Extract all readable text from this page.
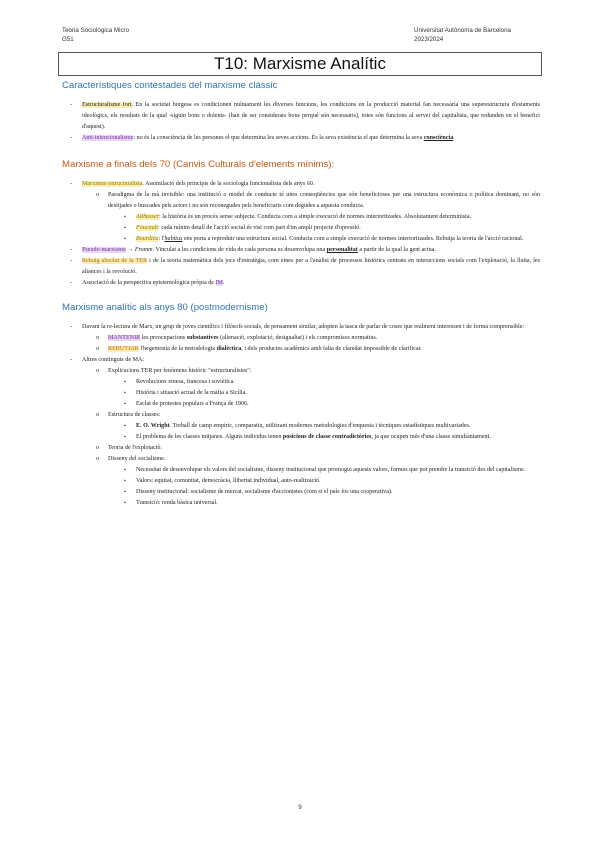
Teoria Sociològica Micro
G51
Universitat Autònoma de Barcelona
2023/2024
T10: Marxisme Analític
Característiques contestades del marxisme clàssic
- Estructuralisme fort. En la societat burgesa es condicionen mútuament les diverses funcions, les condicions en la producció material fan necessària una superestructura d'estaments ideològics, els resultats de la qual -siguin bons o dolents- (han de ser considerats bons perquè són necessaris), totes són funcions al servei del capitalista, que redunden en el benefici d'aquest).
- Anti-intencionalisme: no és la consciència de les persones el que determina les seves accions. És la seva existència el que determina la seva consciència.
Marxisme a finals dels 70 (Canvis Culturals d'elements mínims):
- Marxisme estructuralista. Assimilació dels principis de la sociologia funcionalista dels anys 60.
o Paradigma de la mà invisible: una institució o model de conducte té unes conseqüències que són beneficioses per una estructura econòmica o política dominant, no són desitjades o buscades pels actors i no són reconegudes pels beneficiaris com degudes a aquesta conducta.
▪ Althusser: la història és un procés sense subjecte. Conducta com a simple execució de normes interioritzades. Absolutament determinista.
▪ Foucault: cada mínim detall de l'acció social és vist com part d'un ampli projecte d'opressió.
▪ Bourdieu: l'habitus ens porta a reproduir una estructura social. Conducta com a simple execució de normes interioritzades. Rebutja la teoria de l'acció racional.
- Pseudo-marxisme → Fromm. Vinculat a les condicions de vida de cada persona es desenvolupa una personalitat a partir de la qual la gent actua.
- Rebuig absolut de la TER i de la teoria matemàtica dels jocs d'estratègia, com eines per a l'anàlisi de processos històrics centrats en interaccions socials com l'explotació, la lluita, les aliances i la revolució.
- Associació de la perspectiva epistemològica pròpia de IM.
Marxisme analític als anys 80 (postmodernisme)
- Davant la re-lectura de Marx, un grup de joves científics i filòsofs socials, de pensament similar, adopten la tasca de parlar de coses que realment interessen i de forma comprensible:
o MANTENIR les preocupacions substantives (alienació, explotació, desigualtat) i els compromisos normatius.
o REBUTJAR l'hegemonia de la metodologia dialèctica, i dels productes acadèmics amb falta de claredat impossible de clarificar.
- Altres continguts de MA:
o Explicacions TER per fenòmens històric "estructuralistes":
▪ Revolucions xinesa, francesa i soviètica.
▪ Història i situació actual de la màfia a Sicília.
▪ Esclat de protestes populars a França de 1906.
o Estructura de classes:
▪ E. O. Wright. Treball de camp empíric, comparatiu, utilitzant modernes metodologies d'enquesta i tècniques estadístiques multivariades.
▪ El problema de les classes mitjanes. Alguns individus tenen posicions de classe contradictòries, ja que ocupen més d'una classe simultàniament.
o Teoria de l'explotació.
o Disseny del socialisme.
▪ Necessitat de desenvolupar els valors del socialisme, disseny institucional que promogui aquests valors, formes que pot prendre la transició des del capitalisme.
▪ Valors: equitat, comunitat, democràcia, llibertat individual, auto-realització.
▪ Disseny institucional: socialisme de mercat, socialisme d'accionistes (com si el país fos una cooperativa).
▪ Transició: renda bàsica universal.
9
